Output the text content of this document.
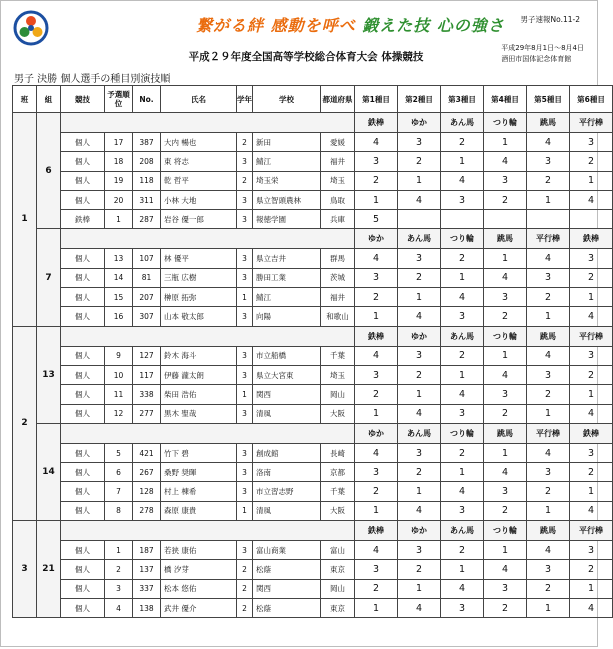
繋がる絆 感動を呼べ 鍛えた技 心の強さ 男子速報No.11-2
平成２９年度全国高等学校総合体育大会 体操競技
平成29年8月1日～8月4日
酒田市国体記念体育館
男子 決勝 個人選手の種目別演技順
班	組	競技	予選順位	No.	氏名	学年	学校	都道府県	第1種目	第2種目	第3種目	第4種目	第5種目	第6種目
1	6								鉄棒	ゆか	あん馬	つり輪	跳馬	平行棒
		個人	17	387	大内 暢也	2	新田	愛媛	4	3	2	1	4	3
		個人	18	208	東 将志	3	鯖江	福井	3	2	1	4	3	2
		個人	19	118	乾 哲平	2	埼玉栄	埼玉	2	1	4	3	2	1
		個人	20	311	小林 大地	3	県立智頭農林	鳥取	1	4	3	2	1	4
		鉄棒	1	287	岩谷 優一郎	3	報徳学園	兵庫	5					
	7								ゆか	あん馬	つり輪	跳馬	平行棒	鉄棒
		個人	13	107	林 優平	3	県立吉井	群馬	4	3	2	1	4	3
		個人	14	81	三瓶 広樹	3	勝田工業	茨城	3	2	1	4	3	2
		個人	15	207	榊原 拓弥	1	鯖江	福井	2	1	4	3	2	1
		個人	16	307	山本 敬太郎	3	向陽	和歌山	1	4	3	2	1	4
2	13								鉄棒	ゆか	あん馬	つり輪	跳馬	平行棒
		個人	9	127	鈴木 海斗	3	市立船橋	千葉	4	3	2	1	4	3
		個人	10	117	伊藤 瀧太朗	3	県立大宮東	埼玉	3	2	1	4	3	2
		個人	11	338	柴田 浩佑	1	関西	岡山	2	1	4	3	2	1
		個人	12	277	黒木 聖哉	3	清風	大阪	1	4	3	2	1	4
	14								ゆか	あん馬	つり輪	跳馬	平行棒	鉄棒
		個人	5	421	竹下 碧	3	創成館	長崎	4	3	2	1	4	3
		個人	6	267	桑野 奨暉	3	洛南	京都	3	2	1	4	3	2
		個人	7	128	村上 棟希	3	市立習志野	千葉	2	1	4	3	2	1
		個人	8	278	森原 康貴	1	清風	大阪	1	4	3	2	1	4
3	21								鉄棒	ゆか	あん馬	つり輪	跳馬	平行棒
		個人	1	187	若狭 康佑	3	富山商業	富山	4	3	2	1	4	3
		個人	2	137	橋 汐芽	2	松蔭	東京	3	2	1	4	3	2
		個人	3	337	松本 悠佑	2	関西	岡山	2	1	4	3	2	1
		個人	4	138	武井 優介	2	松蔭	東京	1	4	3	2	1	4
